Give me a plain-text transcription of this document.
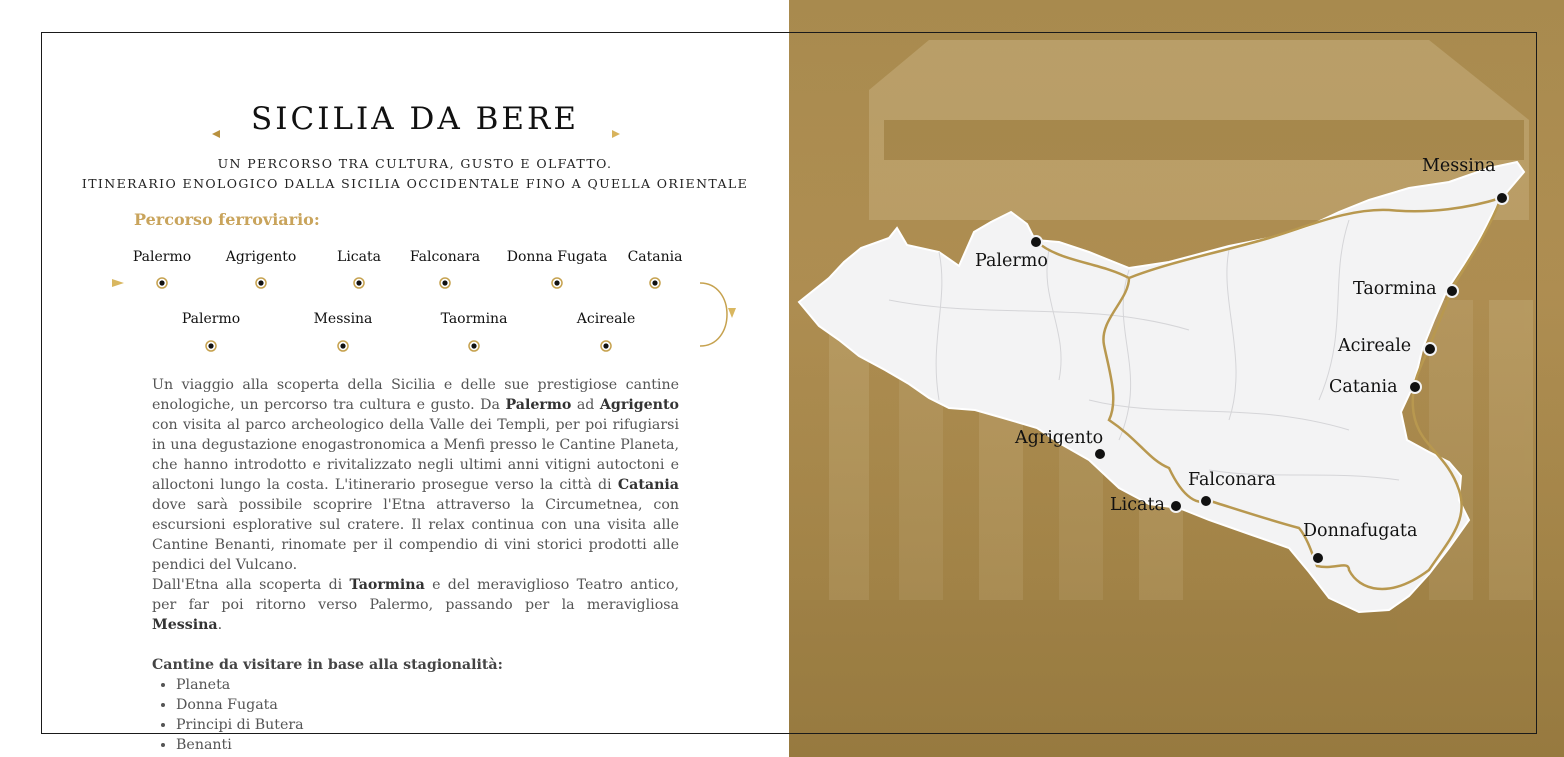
SICILIA DA BERE
UN PERCORSO TRA CULTURA, GUSTO E OLFATTO.
ITINERARIO ENOLOGICO DALLA SICILIA OCCIDENTALE FINO A QUELLA ORIENTALE
Percorso ferroviario:
Palermo Agrigento	Licata Falconara Donna Fugata Catania
Palermo	Messina	Taormina	Acireale

Un viaggio alla scoperta della Sicilia e delle sue prestigiose cantine enologiche, un percorso tra cultura e gusto. Da Palermo ad Agrigento con visita al parco archeologico della Valle dei Templi, per poi rifugiarsi in una degustazione enogastronomica a Menfi presso le Cantine Planeta, che hanno introdotto e rivitalizzato negli ultimi anni vitigni autoctoni e alloctoni lungo la costa. L'itinerario prosegue verso la città di Catania dove sarà possibile scoprire l'Etna attraverso la Circumetnea, con escursioni esplorative sul cratere. Il relax continua con una visita alle Cantine Benanti, rinomate per il compendio di vini storici prodotti alle pendici del Vulcano.

Dall'Etna alla scoperta di Taormina e del meraviglioso Teatro antico, per far poi ritorno verso Palermo, passando per la meravigliosa Messina.

Cantine da visitare in base alla stagionalità:
• Planeta
• Donna Fugata
• Principi di Butera
• Benanti
Messina
Palermo
Taormina
Acireale
Catania
Agrigento
Falconara
Licata
Donnafugata
